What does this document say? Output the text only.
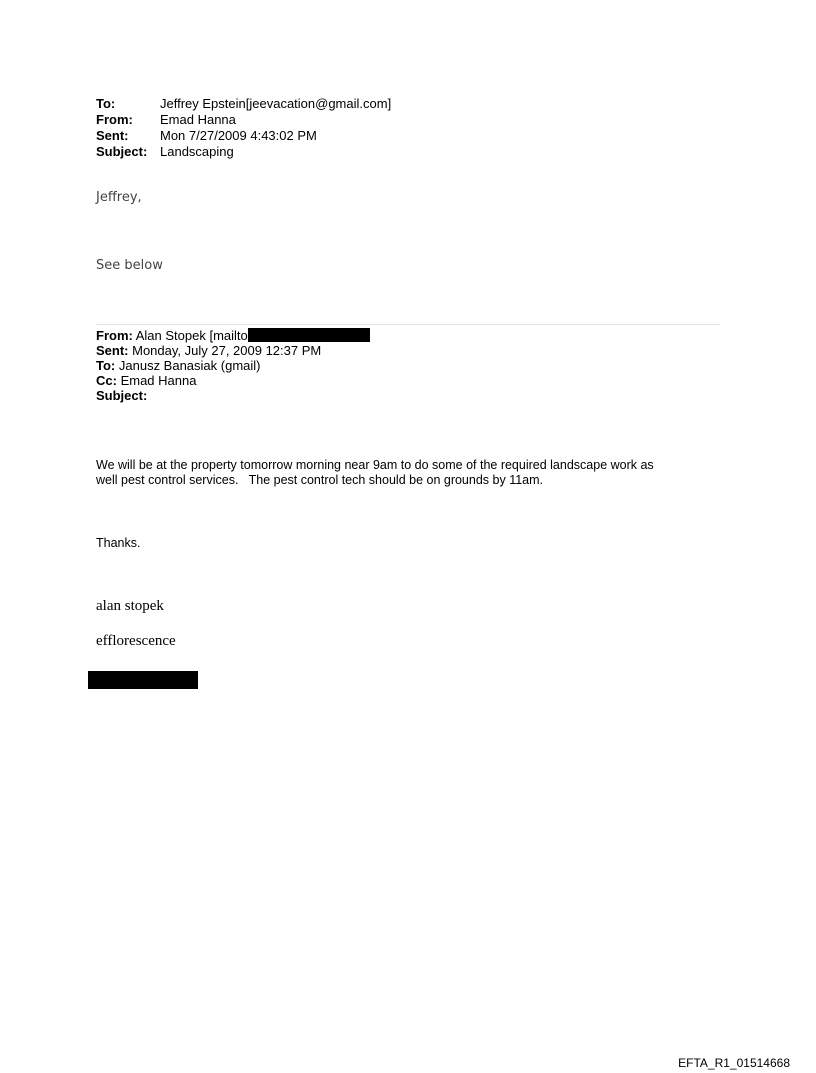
To:	Jeffrey Epstein[jeevacation@gmail.com]
From:	Emad Hanna
Sent:	Mon 7/27/2009 4:43:02 PM
Subject: Landscaping
Jeffrey,
See below
From: Alan Stopek [mailto
Sent: Monday, July 27, 2009 12:37 PM
To: Janusz Banasiak (gmail)
Cc: Emad Hanna
Subject:
We will be at the property tomorrow morning near 9am to do some of the required landscape work as
well pest control services.   The pest control tech should be on grounds by 11am.
Thanks.
alan stopek
efflorescence
EFTA_R1_01514668
